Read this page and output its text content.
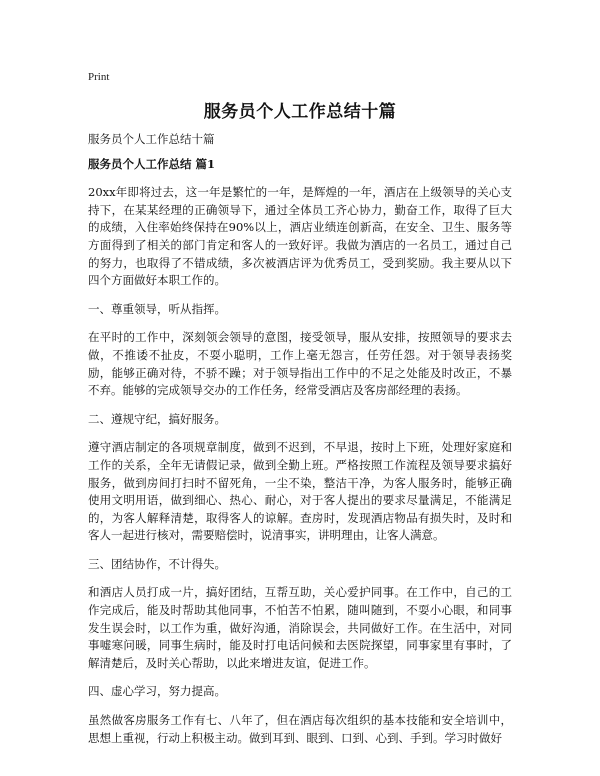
Print
服务员个人工作总结十篇

服务员个人工作总结十篇

服务员个人工作总结 篇1

20xx年即将过去，这一年是繁忙的一年，是辉煌的一年，酒店在上级领导的关心支持下，在某某经理的正确领导下，通过全体员工齐心协力，勤奋工作，取得了巨大的成绩，入住率始终保持在90%以上，酒店业绩连创新高，在安全、卫生、服务等方面得到了相关的部门肯定和客人的一致好评。我做为酒店的一名员工，通过自己的努力，也取得了不错成绩，多次被酒店评为优秀员工，受到奖励。我主要从以下四个方面做好本职工作的。

一、尊重领导，听从指挥。

在平时的工作中，深刻领会领导的意图，接受领导，服从安排，按照领导的要求去做，不推诿不扯皮，不耍小聪明，工作上毫无怨言，任劳任怨。对于领导表扬奖励，能够正确对待，不骄不躁；对于领导指出工作中的不足之处能及时改正，不暴不弃。能够的完成领导交办的工作任务，经常受酒店及客房部经理的表扬。

二、遵规守纪，搞好服务。

遵守酒店制定的各项规章制度，做到不迟到，不早退，按时上下班，处理好家庭和工作的关系，全年无请假记录，做到全勤上班。严格按照工作流程及领导要求搞好服务，做到房间打扫时不留死角，一尘不染，整洁干净，为客人服务时，能够正确使用文明用语，做到细心、热心、耐心，对于客人提出的要求尽量满足，不能满足的，为客人解释清楚，取得客人的谅解。查房时，发现酒店物品有损失时，及时和客人一起进行核对，需要赔偿时，说清事实，讲明理由，让客人满意。

三、团结协作，不计得失。

和酒店人员打成一片，搞好团结，互帮互助，关心爱护同事。在工作中，自己的工作完成后，能及时帮助其他同事，不怕苦不怕累，随叫随到，不耍小心眼，和同事发生误会时，以工作为重，做好沟通，消除误会，共同做好工作。在生活中，对同事嘘寒问暖，同事生病时，能及时打电话问候和去医院探望，同事家里有事时，了解清楚后，及时关心帮助，以此来增进友谊，促进工作。

四、虚心学习，努力提高。

虽然做客房服务工作有七、八年了，但在酒店每次组织的基本技能和安全培训中，思想上重视，行动上积极主动。做到耳到、眼到、口到、心到、手到。学习时做好
